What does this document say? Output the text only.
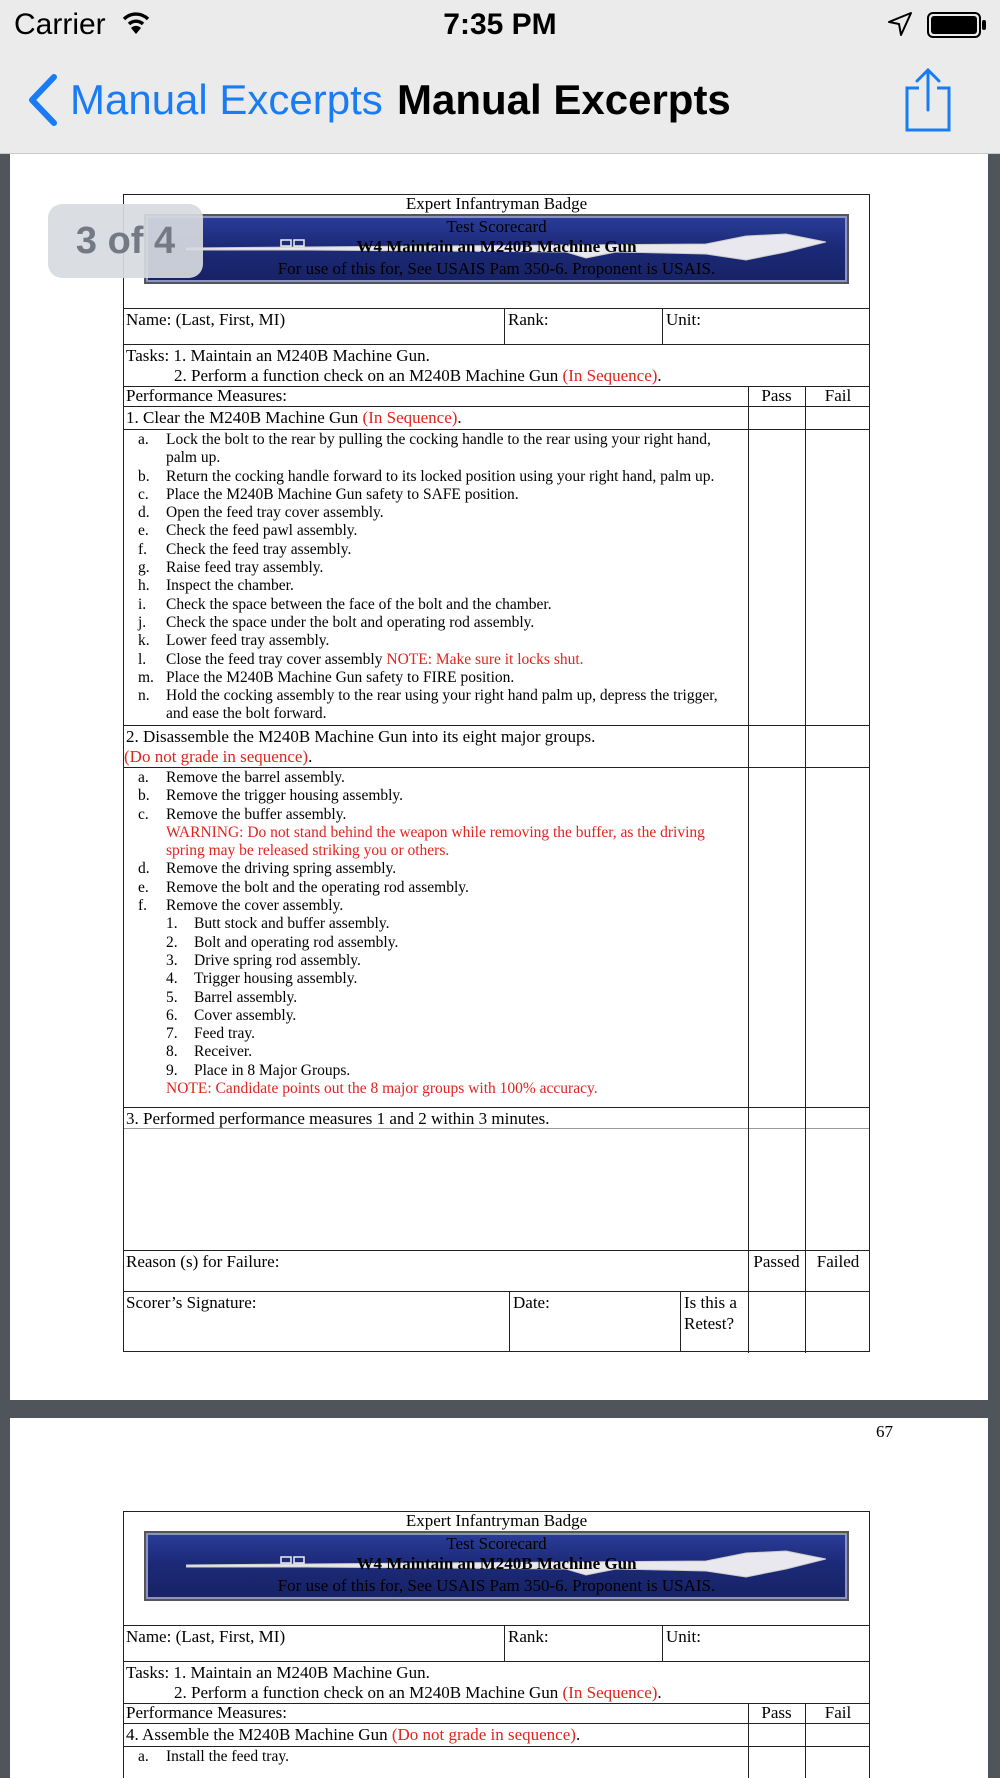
Carrier	7:35 PM
Manual Excerpts Manual Excerpts
Expert Infantryman Badge
Test Scorecard
W4 Maintain an M240B Machine Gun
For use of this for, See USAIS Pam 350-6. Proponent is USAIS.
Name: (Last, First, MI)	Rank:	Unit:
Tasks: 1. Maintain an M240B Machine Gun.
2. Perform a function check on an M240B Machine Gun (In Sequence).
Performance Measures:	Pass	Fail
1. Clear the M240B Machine Gun (In Sequence).
a.	Lock the bolt to the rear by pulling the cocking handle to the rear using your right hand, palm up.
b.	Return the cocking handle forward to its locked position using your right hand, palm up.
c.	Place the M240B Machine Gun safety to SAFE position.
d.	Open the feed tray cover assembly.
e.	Check the feed pawl assembly.
f.	Check the feed tray assembly.
g.	Raise feed tray assembly.
h.	Inspect the chamber.
i.	Check the space between the face of the bolt and the chamber.
j.	Check the space under the bolt and operating rod assembly.
k.	Lower feed tray assembly.
l.	Close the feed tray cover assembly NOTE: Make sure it locks shut.
m. Place the M240B Machine Gun safety to FIRE position.
n.	Hold the cocking assembly to the rear using your right hand palm up, depress the trigger, and ease the bolt forward.
2. Disassemble the M240B Machine Gun into its eight major groups.
(Do not grade in sequence).
a.	Remove the barrel assembly.
b.	Remove the trigger housing assembly.
c.	Remove the buffer assembly.
WARNING: Do not stand behind the weapon while removing the buffer, as the driving spring may be released striking you or others.
d.	Remove the driving spring assembly.
e.	Remove the bolt and the operating rod assembly.
f.	Remove the cover assembly.
1.	Butt stock and buffer assembly.
2.	Bolt and operating rod assembly.
3.	Drive spring rod assembly.
4.	Trigger housing assembly.
5.	Barrel assembly.
6.	Cover assembly.
7.	Feed tray.
8.	Receiver.
9.	Place in 8 Major Groups.
NOTE: Candidate points out the 8 major groups with 100% accuracy.
3. Performed performance measures 1 and 2 within 3 minutes.
Reason (s) for Failure:	Passed	Failed
Scorer’s Signature:	Date:	Is this a
Retest?
3 of 4
67
Expert Infantryman Badge
Test Scorecard
W4 Maintain an M240B Machine Gun
For use of this for, See USAIS Pam 350-6. Proponent is USAIS.
Name: (Last, First, MI)	Rank:	Unit:
Tasks: 1. Maintain an M240B Machine Gun.
2. Perform a function check on an M240B Machine Gun (In Sequence).
Performance Measures:	Pass	Fail
4. Assemble the M240B Machine Gun (Do not grade in sequence).
a.	Install the feed tray.
